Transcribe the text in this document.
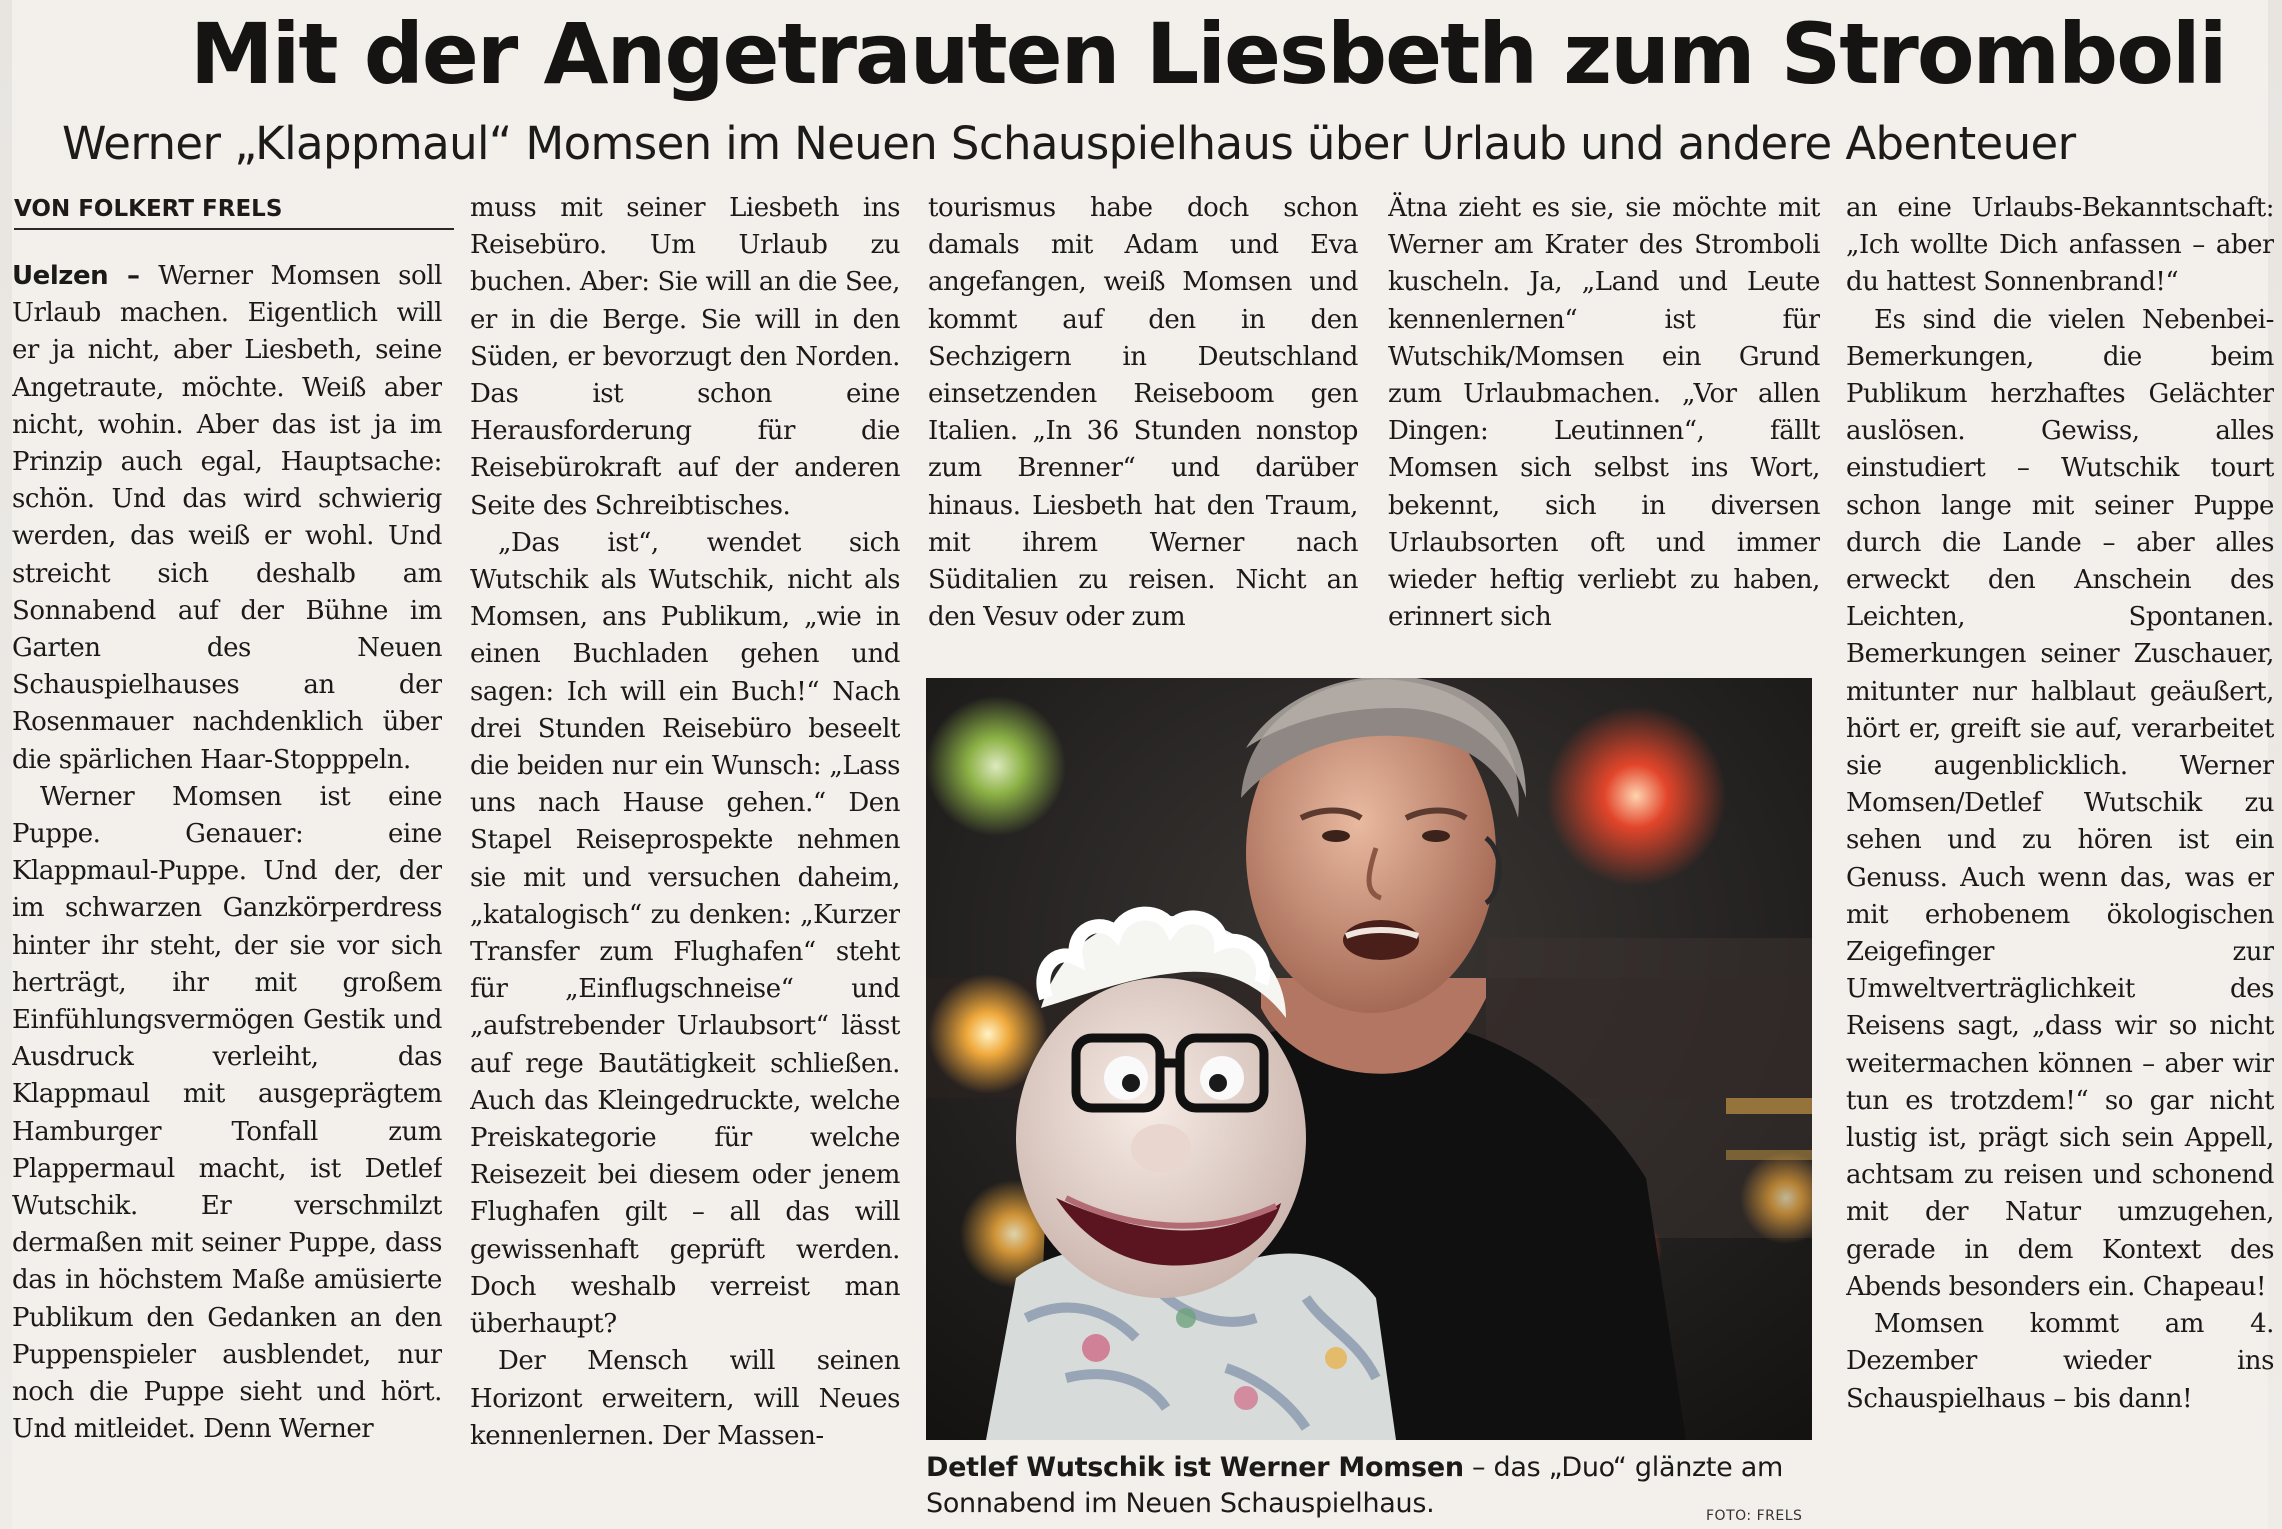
Mit der Angetrauten Liesbeth zum Stromboli
Werner „Klappmaul“ Momsen im Neuen Schauspielhaus über Urlaub und andere Abenteuer
VON FOLKERT FRELS

Uelzen – Werner Momsen soll Urlaub machen. Eigentlich will er ja nicht, aber Liesbeth, seine Angetraute, möchte. Weiß aber nicht, wohin. Aber das ist ja im Prinzip auch egal, Hauptsache: schön. Und das wird schwierig werden, das weiß er wohl. Und streicht sich deshalb am Sonnabend auf der Bühne im Garten des Neuen Schauspielhauses an der Rosenmauer nachdenklich über die spärlichen Haar-Stopppeln.

Werner Momsen ist eine Puppe. Genauer: eine Klappmaul-Puppe. Und der, der im schwarzen Ganzkörperdress hinter ihr steht, der sie vor sich herträgt, ihr mit großem Einfühlungsvermögen Gestik und Ausdruck verleiht, das Klappmaul mit ausgeprägtem Hamburger Tonfall zum Plappermaul macht, ist Detlef Wutschik. Er verschmilzt dermaßen mit seiner Puppe, dass das in höchstem Maße amüsierte Publikum den Gedanken an den Puppenspieler ausblendet, nur noch die Puppe sieht und hört. Und mitleidet. Denn Werner

muss mit seiner Liesbeth ins Reisebüro. Um Urlaub zu buchen. Aber: Sie will an die See, er in die Berge. Sie will in den Süden, er bevorzugt den Norden. Das ist schon eine Herausforderung für die Reisebürokraft auf der anderen Seite des Schreibtisches.

„Das ist“, wendet sich Wutschik als Wutschik, nicht als Momsen, ans Publikum, „wie in einen Buchladen gehen und sagen: Ich will ein Buch!“ Nach drei Stunden Reisebüro beseelt die beiden nur ein Wunsch: „Lass uns nach Hause gehen.“ Den Stapel Reiseprospekte nehmen sie mit und versuchen daheim, „katalogisch“ zu denken: „Kurzer Transfer zum Flughafen“ steht für „Einflugschneise“ und „aufstrebender Urlaubsort“ lässt auf rege Bautätigkeit schließen. Auch das Kleingedruckte, welche Preiskategorie für welche Reisezeit bei diesem oder jenem Flughafen gilt – all das will gewissenhaft geprüft werden. Doch weshalb verreist man überhaupt?

Der Mensch will seinen Horizont erweitern, will Neues kennenlernen. Der Massen-

tourismus habe doch schon damals mit Adam und Eva angefangen, weiß Momsen und kommt auf den in den Sechzigern in Deutschland einsetzenden Reiseboom gen Italien. „In 36 Stunden nonstop zum Brenner“ und darüber hinaus. Liesbeth hat den Traum, mit ihrem Werner nach Süditalien zu reisen. Nicht an den Vesuv oder zum

Ätna zieht es sie, sie möchte mit Werner am Krater des Stromboli kuscheln. Ja, „Land und Leute kennenlernen“ ist für Wutschik/Momsen ein Grund zum Urlaubmachen. „Vor allen Dingen: Leutinnen“, fällt Momsen sich selbst ins Wort, bekennt, sich in diversen Urlaubsorten oft und immer wieder heftig verliebt zu haben, erinnert sich

an eine Urlaubs-Bekanntschaft: „Ich wollte Dich anfassen – aber du hattest Sonnenbrand!“

Es sind die vielen Nebenbei-Bemerkungen, die beim Publikum herzhaftes Gelächter auslösen. Gewiss, alles einstudiert – Wutschik tourt schon lange mit seiner Puppe durch die Lande – aber alles erweckt den Anschein des Leichten, Spontanen. Bemerkungen seiner Zuschauer, mitunter nur halblaut geäußert, hört er, greift sie auf, verarbeitet sie augenblicklich. Werner Momsen/Detlef Wutschik zu sehen und zu hören ist ein Genuss. Auch wenn das, was er mit erhobenem ökologischen Zeigefinger zur Umweltverträglichkeit des Reisens sagt, „dass wir so nicht weitermachen können – aber wir tun es trotzdem!“ so gar nicht lustig ist, prägt sich sein Appell, achtsam zu reisen und schonend mit der Natur umzugehen, gerade in dem Kontext des Abends besonders ein. Chapeau!

Momsen kommt am 4. Dezember wieder ins Schauspielhaus – bis dann!

Detlef Wutschik ist Werner Momsen – das „Duo“ glänzte am Sonnabend im Neuen Schauspielhaus.	FOTO: FRELS
